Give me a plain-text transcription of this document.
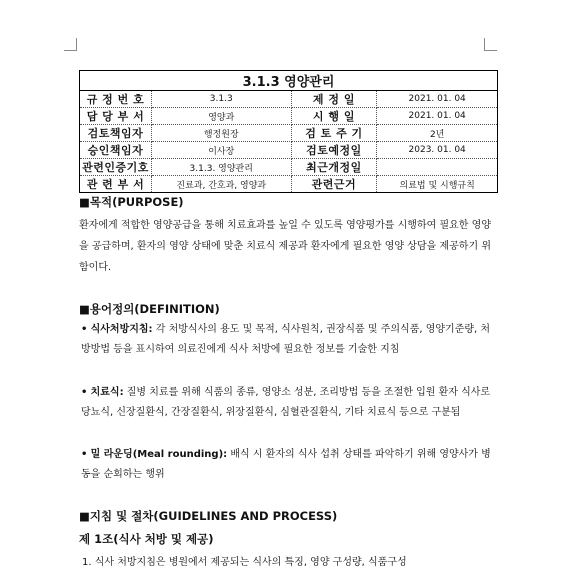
3.1.3 영양관리			
규 정 번 호	3.1.3	제 정 일	2021. 01. 04
담 당 부 서	영양과	시 행 일	2021. 01. 04
검토책임자	행정원장	검 토 주 기	2년
승인책임자	이사장	검토예정일	2023. 01. 04
관련인증기호	3.1.3. 영양관리	최근개정일	
관 련 부 서	진료과, 간호과, 영양과	관련근거	의료법 및 시행규칙
■목적(PURPOSE)
환자에게 적합한 영양공급을 통해 치료효과를 높일 수 있도록 영양평가를 시행하여 필요한 영양을 공급하며, 환자의 영양 상태에 맞춘 치료식 제공과 환자에게 필요한 영양 상담을 제공하기 위함이다.
■용어정의(DEFINITION)
• 식사처방지침: 각 처방식사의 용도 및 목적, 식사원칙, 권장식품 및 주의식품, 영양기준량, 처방방법 등을 표시하여 의료진에게 식사 처방에 필요한 정보를 기술한 지침
• 치료식: 질병 치료를 위해 식품의 종류, 영양소 성분, 조리방법 등을 조절한 입원 환자 식사로 당뇨식, 신장질환식, 간장질환식, 위장질환식, 심혈관질환식, 기타 치료식 등으로 구분됨
• 밀 라운딩(Meal rounding): 배식 시 환자의 식사 섭취 상태를 파악하기 위해 영양사가 병동을 순회하는 행위
■지침 및 절차(GUIDELINES AND PROCESS)
제 1조(식사 처방 및 제공)
1. 식사 처방지침은 병원에서 제공되는 식사의 특징, 영양 구성량, 식품구성
